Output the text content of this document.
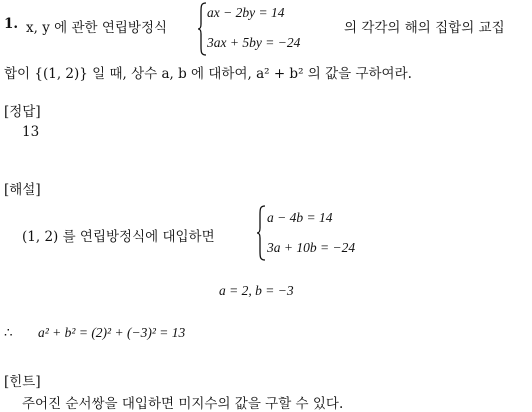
1. x, y 에 관한 연립방정식
ax − 2by = 14
3ax + 5by = −24
의 각각의 해의 집합의 교집
합이 {(1, 2)} 일 때, 상수 a, b 에 대하여, a² + b² 의 값을 구하여라.
[정답]
13
[해설]
(1, 2) 를 연립방정식에 대입하면
a − 4b = 14
3a + 10b = −24
a = 2, b = −3
∴ a² + b² = (2)² + (−3)² = 13
[힌트]
주어진 순서쌍을 대입하면 미지수의 값을 구할 수 있다.
